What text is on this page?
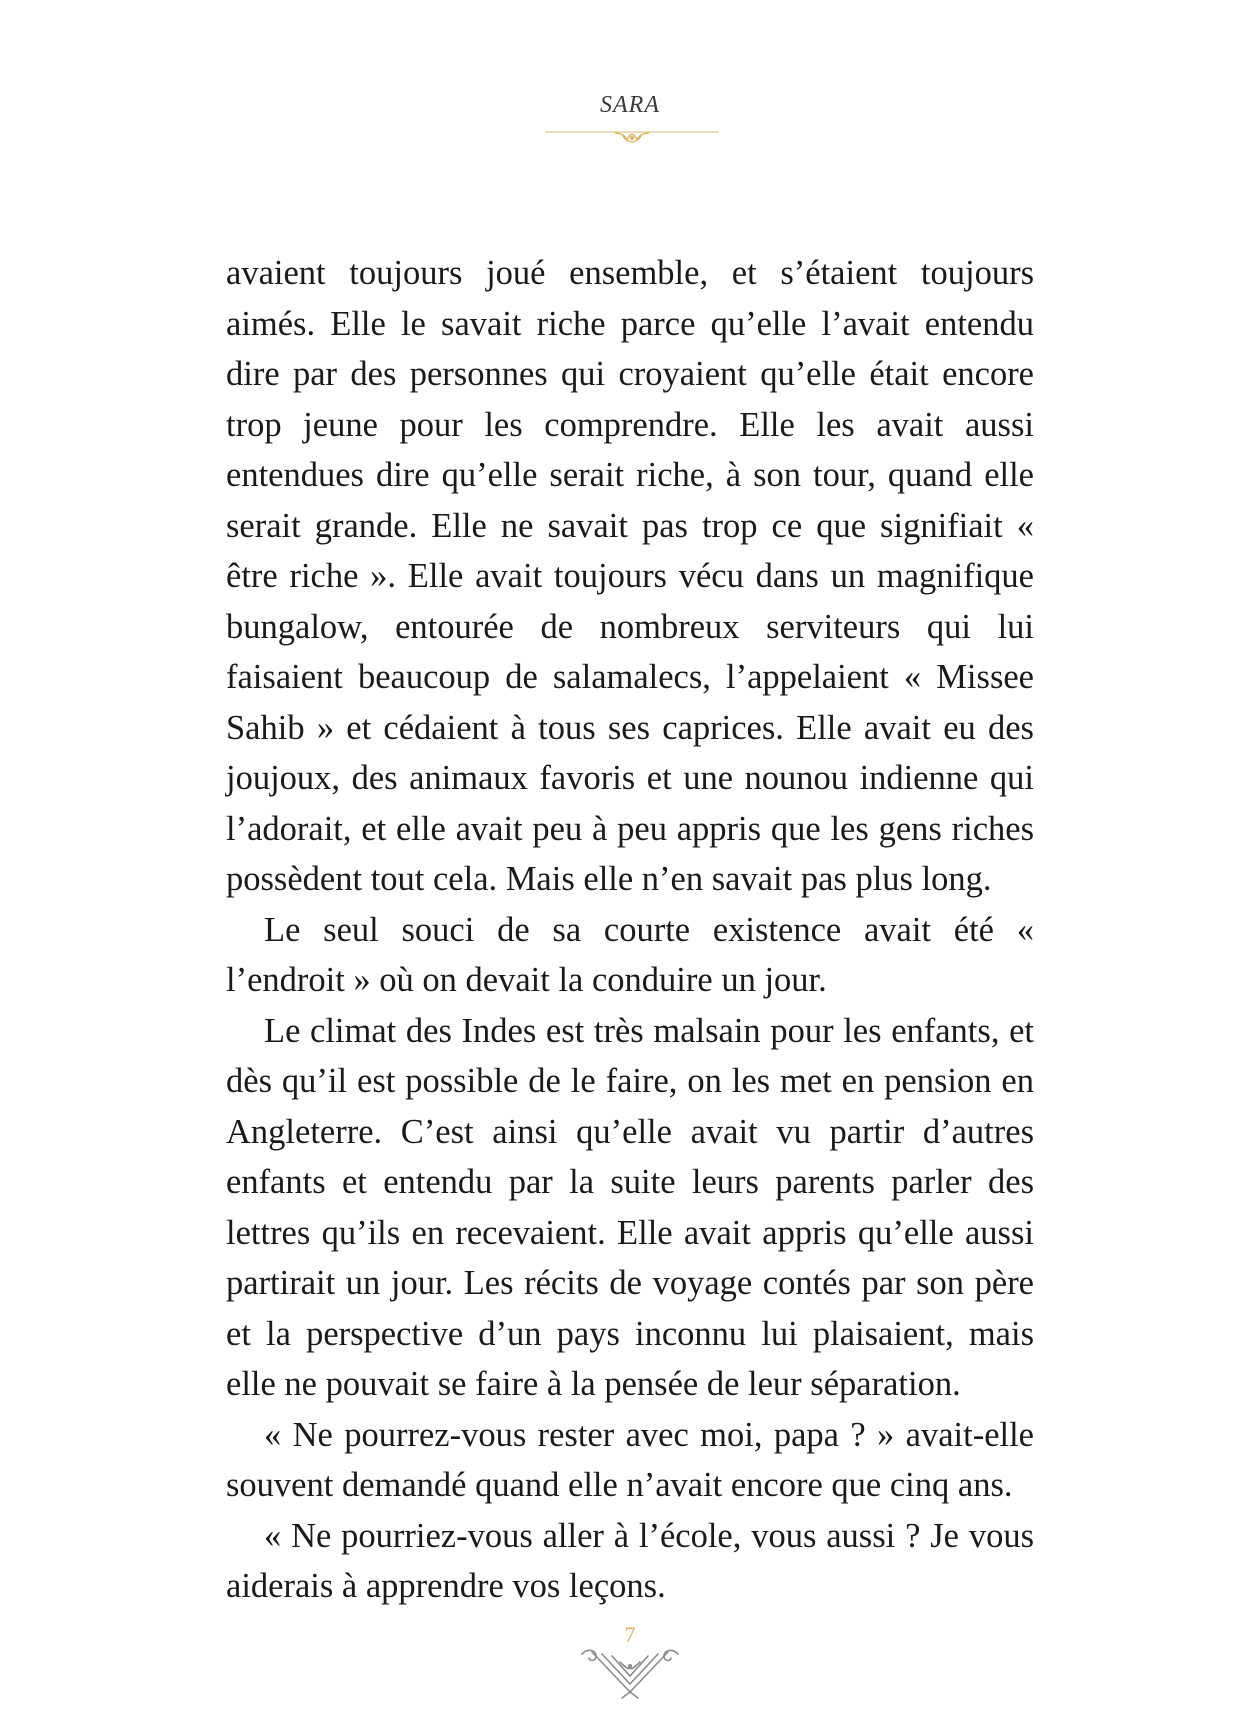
SARA

avaient toujours joué ensemble, et s’étaient toujours aimés. Elle le savait riche parce qu’elle l’avait entendu dire par des personnes qui croyaient qu’elle était encore trop jeune pour les comprendre. Elle les avait aussi entendues dire qu’elle serait riche, à son tour, quand elle serait grande. Elle ne savait pas trop ce que signifiait « être riche ». Elle avait toujours vécu dans un magnifique bungalow, entourée de nombreux serviteurs qui lui faisaient beaucoup de salamalecs, l’appelaient « Missee Sahib » et cédaient à tous ses caprices. Elle avait eu des joujoux, des animaux favoris et une nounou indienne qui l’adorait, et elle avait peu à peu appris que les gens riches possèdent tout cela. Mais elle n’en savait pas plus long.

Le seul souci de sa courte existence avait été « l’endroit » où on devait la conduire un jour.

Le climat des Indes est très malsain pour les enfants, et dès qu’il est possible de le faire, on les met en pension en Angleterre. C’est ainsi qu’elle avait vu partir d’autres enfants et entendu par la suite leurs parents parler des lettres qu’ils en recevaient. Elle avait appris qu’elle aussi partirait un jour. Les récits de voyage contés par son père et la perspective d’un pays inconnu lui plaisaient, mais elle ne pouvait se faire à la pensée de leur séparation.

« Ne pourrez-vous rester avec moi, papa ? » avait-elle souvent demandé quand elle n’avait encore que cinq ans.

« Ne pourriez-vous aller à l’école, vous aussi ? Je vous aiderais à apprendre vos leçons.

7
